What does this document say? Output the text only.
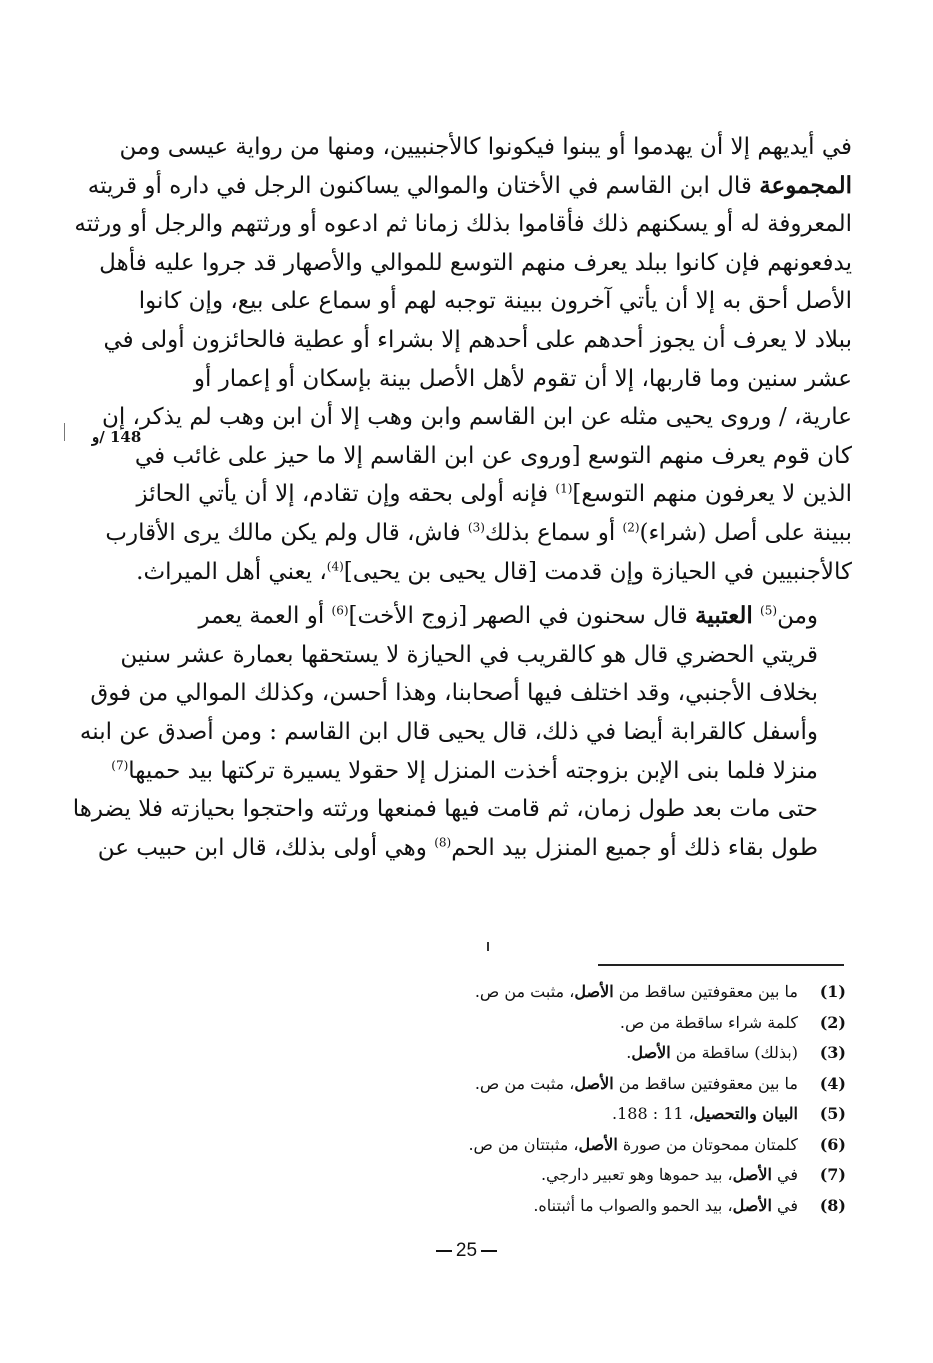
في أيديهم إلا أن يهدموا أو يبنوا فيكونوا كالأجنبيين، ومنها من رواية عيسى ومن
المجموعة قال ابن القاسم في الأختان والموالي يساكنون الرجل في داره أو قريته
المعروفة له أو يسكنهم ذلك فأقاموا بذلك زمانا ثم ادعوه أو ورثتهم والرجل أو ورثته
يدفعونهم فإن كانوا ببلد يعرف منهم التوسع للموالي والأصهار قد جروا عليه فأهل
الأصل أحق به إلا أن يأتي آخرون ببينة توجبه لهم أو سماع على بيع، وإن كانوا
ببلاد لا يعرف أن يجوز أحدهم على أحدهم إلا بشراء أو عطية فالحائزون أولى في
عشر سنين وما قاربها، إلا أن تقوم لأهل الأصل بينة بإسكان أو إعمار أو
عارية، / وروى يحيى مثله عن ابن القاسم وابن وهب إلا أن ابن وهب لم يذكر، إن
كان قوم يعرف منهم التوسع [وروى عن ابن القاسم إلا ما حيز على غائب في
الذين لا يعرفون منهم التوسع]$^{(1)}$ فإنه أولى بحقه وإن تقادم، إلا أن يأتي الحائز
ببينة على أصل (شراء)$^{(2)}$ أو سماع بذلك$^{(3)}$ فاش، قال ولم يكن مالك يرى الأقارب
كالأجنبيين في الحيازة وإن قدمت [قال يحيى بن يحيى]$^{(4)}$، يعني أهل الميراث.

ومن$^{(5)}$ العتبية قال سحنون في الصهر [زوج الأخت]$^{(6)}$ أو العمة يعمر
قريتي الحضري قال هو كالقريب في الحيازة لا يستحقها بعمارة عشر سنين
بخلاف الأجنبي، وقد اختلف فيها أصحابنا، وهذا أحسن، وكذلك الموالي من فوق
وأسفل كالقرابة أيضا في ذلك، قال يحيى قال ابن القاسم : ومن أصدق عن ابنه
منزلا فلما بنى الإبن بزوجته أخذت المنزل إلا حقولا يسيرة تركتها بيد حميها$^{(7)}$
حتى مات بعد طول زمان، ثم قامت فيها فمنعها ورثته واحتجوا بحيازته فلا يضرها
طول بقاء ذلك أو جميع المنزل بيد الحم$^{(8)}$ وهي أولى بذلك، قال ابن حبيب عن

148 /و
(1)
ما بين معقوفتين ساقط من الأصل، مثبت من ص.
(2)
كلمة شراء ساقطة من ص.
(3)
(بذلك) ساقطة من الأصل.
(4)
ما بين معقوفتين ساقط من الأصل، مثبت من ص.
(5)
البيان والتحصيل، 11 : 188.
(6)
كلمتان ممحوتان من صورة الأصل، مثبتتان من ص.
(7)
في الأصل، بيد حموها وهو تعبير دارجي.
(8)
في الأصل، بيد الحمو والصواب ما أثبتناه.
25
